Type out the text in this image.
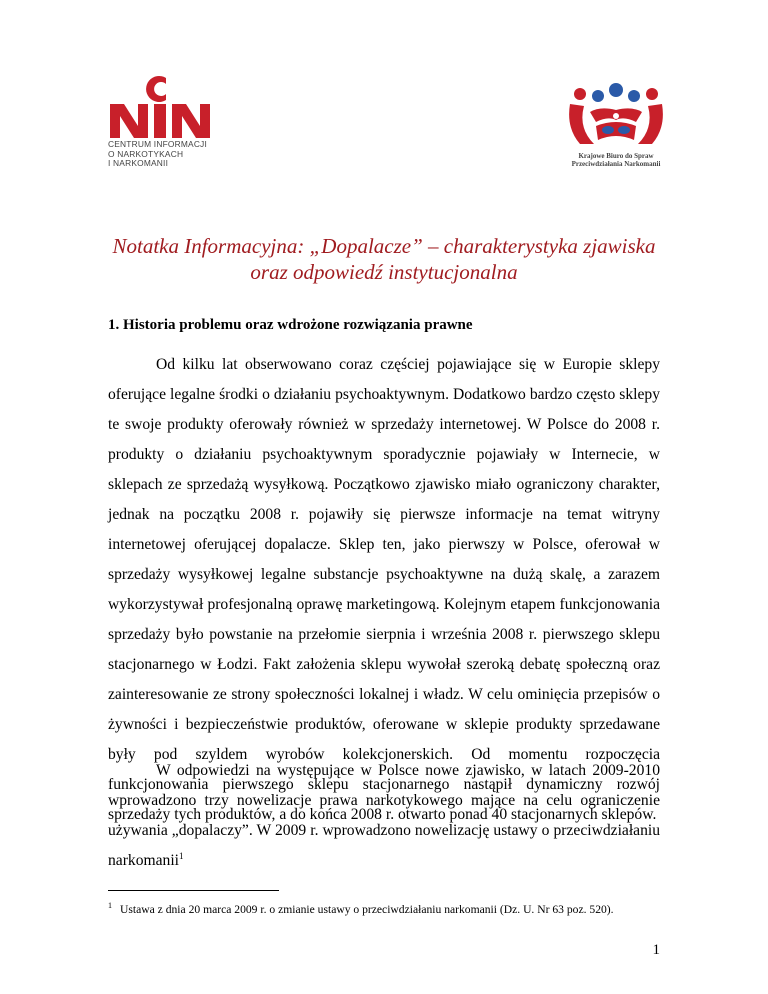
CENTRUM INFORMACJI
O NARKOTYKACH
I NARKOMANII
Krajowe Biuro do Spraw
Przeciwdziałania Narkomanii
Notatka Informacyjna: „Dopalacze” – charakterystyka zjawiska
oraz odpowiedź instytucjonalna
1. Historia problemu oraz wdrożone rozwiązania prawne
Od kilku lat obserwowano coraz częściej pojawiające się w Europie sklepy oferujące legalne środki o działaniu psychoaktywnym. Dodatkowo bardzo często sklepy te swoje produkty oferowały również w sprzedaży internetowej. W Polsce do 2008 r. produkty o działaniu psychoaktywnym sporadycznie pojawiały w Internecie, w sklepach ze sprzedażą wysyłkową. Początkowo zjawisko miało ograniczony charakter, jednak na początku 2008 r. pojawiły się pierwsze informacje na temat witryny internetowej oferującej dopalacze. Sklep ten, jako pierwszy w Polsce, oferował w sprzedaży wysyłkowej legalne substancje psychoaktywne na dużą skalę, a zarazem wykorzystywał profesjonalną oprawę marketingową. Kolejnym etapem funkcjonowania sprzedaży było powstanie na przełomie sierpnia i września 2008 r. pierwszego sklepu stacjonarnego w Łodzi. Fakt założenia sklepu wywołał szeroką debatę społeczną oraz zainteresowanie ze strony społeczności lokalnej i władz. W celu ominięcia przepisów o żywności i bezpieczeństwie produktów, oferowane w sklepie produkty sprzedawane były pod szyldem wyrobów kolekcjonerskich. Od momentu rozpoczęcia funkcjonowania pierwszego sklepu stacjonarnego nastąpił dynamiczny rozwój sprzedaży tych produktów, a do końca 2008 r. otwarto ponad 40 stacjonarnych sklepów.
W odpowiedzi na występujące w Polsce nowe zjawisko, w latach 2009-2010 wprowadzono trzy nowelizacje prawa narkotykowego mające na celu ograniczenie używania „dopalaczy”. W 2009 r. wprowadzono nowelizację ustawy o przeciwdziałaniu narkomanii$^1$
$^1$ Ustawa z dnia 20 marca 2009 r. o zmianie ustawy o przeciwdziałaniu narkomanii (Dz. U. Nr 63 poz. 520).
1
